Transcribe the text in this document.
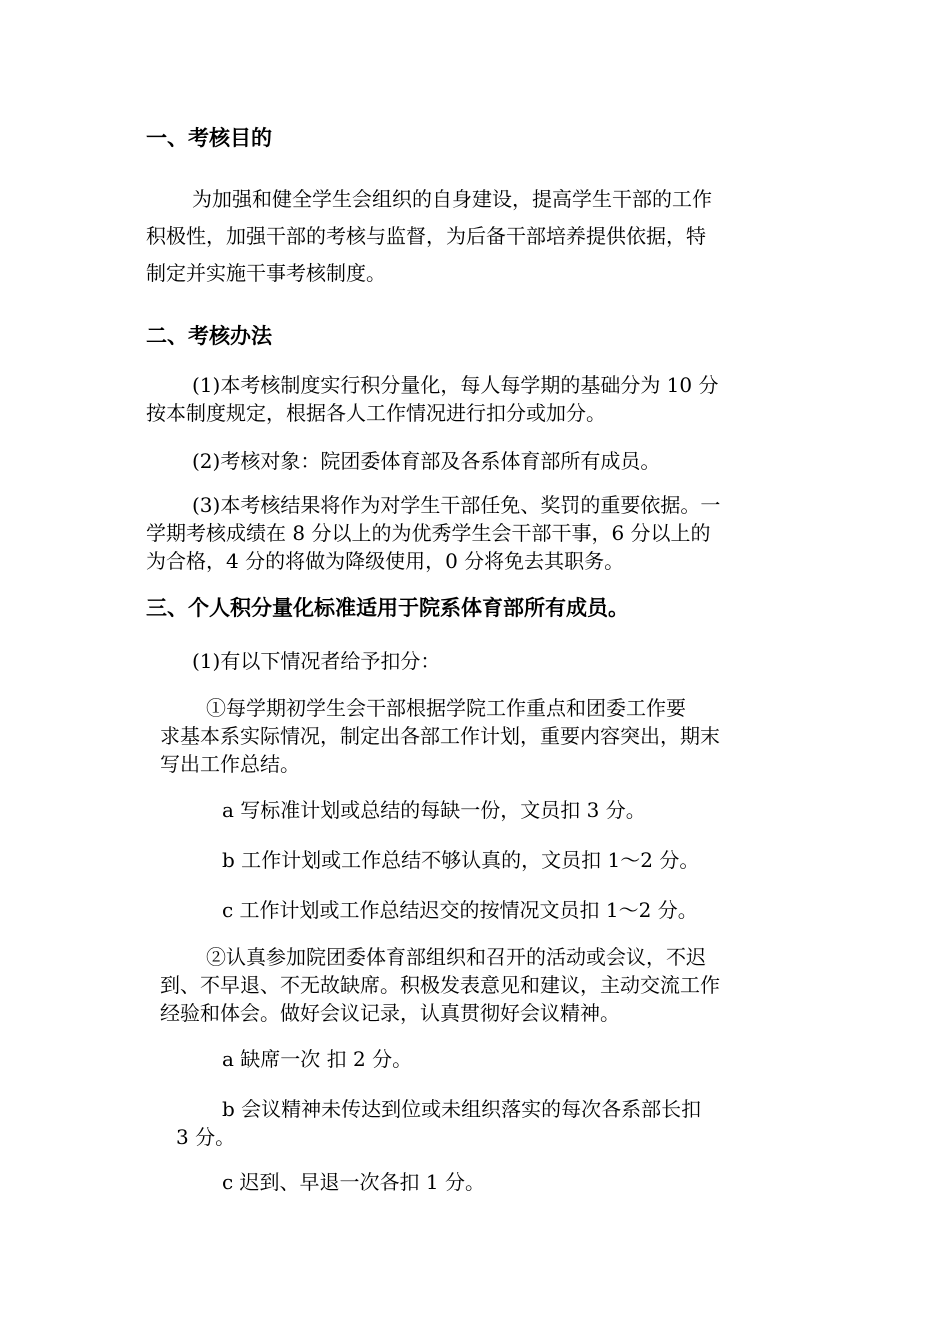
一、考核目的
为加强和健全学生会组织的自身建设，提高学生干部的工作
积极性，加强干部的考核与监督，为后备干部培养提供依据，特
制定并实施干事考核制度。
二、考核办法
(1)本考核制度实行积分量化，每人每学期的基础分为 10 分
按本制度规定，根据各人工作情况进行扣分或加分。
(2)考核对象：院团委体育部及各系体育部所有成员。
(3)本考核结果将作为对学生干部任免、奖罚的重要依据。一
学期考核成绩在 8 分以上的为优秀学生会干部干事，6 分以上的
为合格，4 分的将做为降级使用，0 分将免去其职务。
三、个人积分量化标准适用于院系体育部所有成员。
(1)有以下情况者给予扣分：
①每学期初学生会干部根据学院工作重点和团委工作要
求基本系实际情况，制定出各部工作计划，重要内容突出，期末
写出工作总结。
a 写标准计划或总结的每缺一份，文员扣 3 分。
b 工作计划或工作总结不够认真的，文员扣 1～2 分。
c 工作计划或工作总结迟交的按情况文员扣 1～2 分。
②认真参加院团委体育部组织和召开的活动或会议，不迟
到、不早退、不无故缺席。积极发表意见和建议，主动交流工作
经验和体会。做好会议记录，认真贯彻好会议精神。
a 缺席一次 扣 2 分。
b 会议精神未传达到位或未组织落实的每次各系部长扣
3 分。
c 迟到、早退一次各扣 1 分。
